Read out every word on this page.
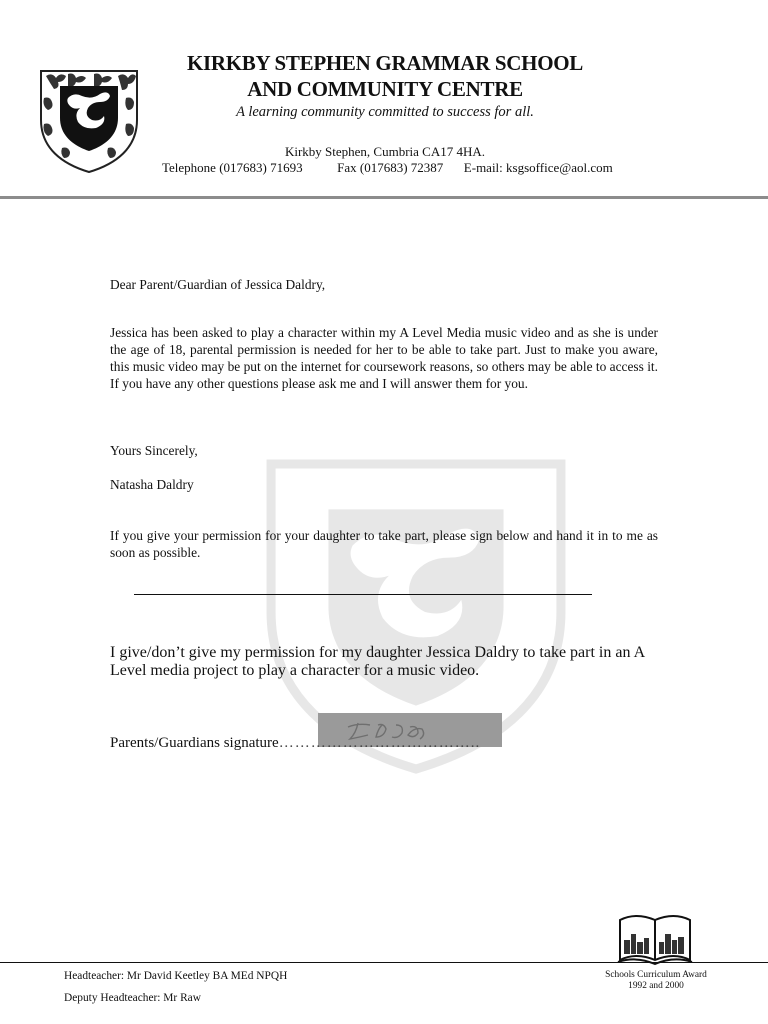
KIRKBY STEPHEN GRAMMAR SCHOOL
AND COMMUNITY CENTRE
A learning community committed to success for all.
Kirkby Stephen, Cumbria CA17 4HA.
Telephone (017683) 71693	Fax (017683) 72387 E-mail: ksgsoffice@aol.com
Dear Parent/Guardian of Jessica Daldry,
Jessica has been asked to play a character within my A Level Media music video and as she is under the age of 18, parental permission is needed for her to be able to take part. Just to make you aware, this music video may be put on the internet for coursework reasons, so others may be able to access it. If you have any other questions please ask me and I will answer them for you.
Yours Sincerely,
Natasha Daldry
If you give your permission for your daughter to take part, please sign below and hand it in to me as soon as possible.
I give/don’t give my permission for my daughter Jessica Daldry to take part in an A Level media project to play a character for a music video.
Parents/Guardians signature………………………………..
Headteacher: Mr David Keetley BA MEd NPQH
Deputy Headteacher: Mr Raw
Schools Curriculum Award
1992 and 2000
